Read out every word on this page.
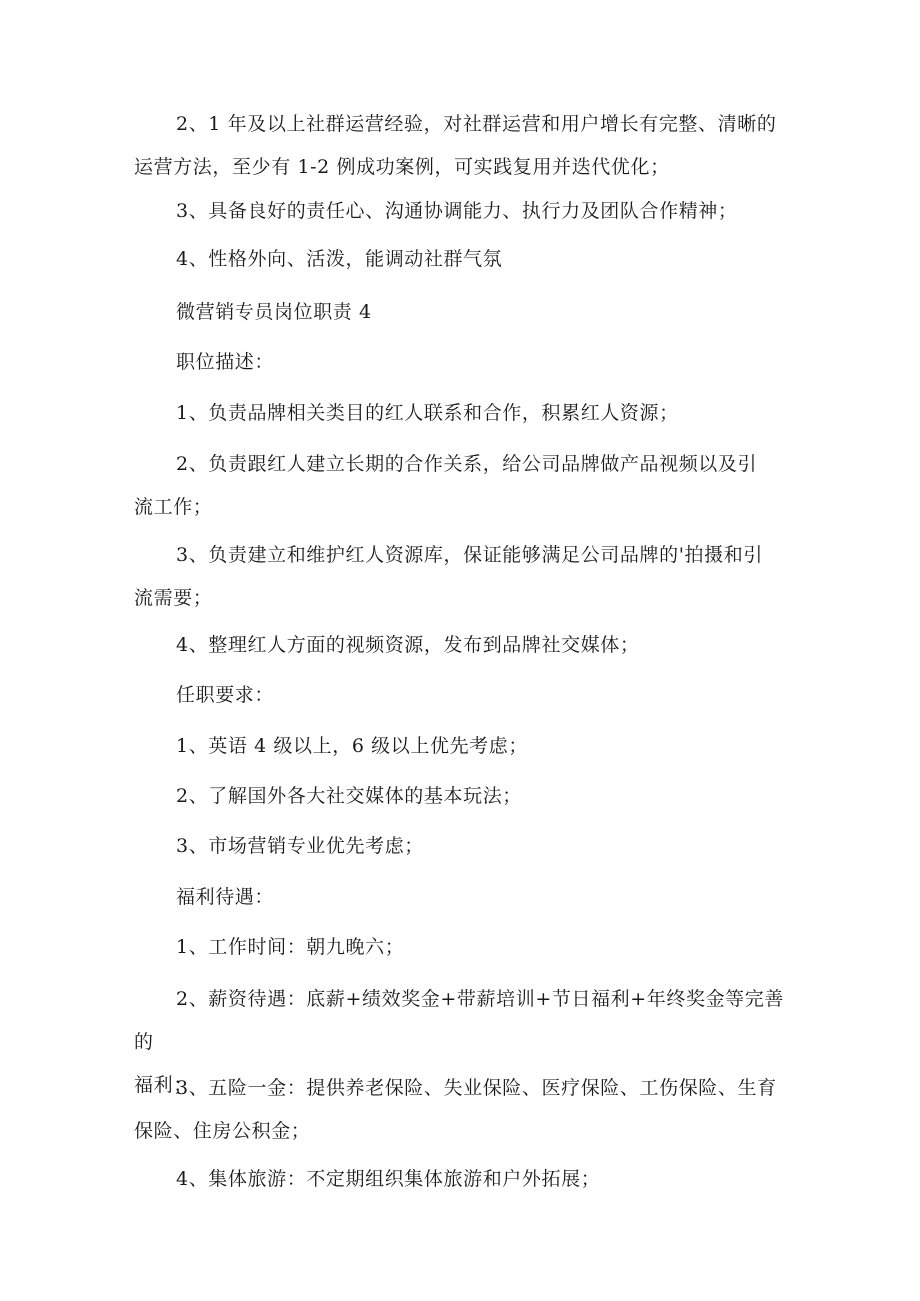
2、1 年及以上社群运营经验，对社群运营和用户增长有完整、清晰的
运营方法，至少有 1-2 例成功案例，可实践复用并迭代优化；

3、具备良好的责任心、沟通协调能力、执行力及团队合作精神；

4、性格外向、活泼，能调动社群气氛

微营销专员岗位职责 4

职位描述：

1、负责品牌相关类目的红人联系和合作，积累红人资源；

2、负责跟红人建立长期的合作关系，给公司品牌做产品视频以及引
流工作；

3、负责建立和维护红人资源库，保证能够满足公司品牌的'拍摄和引
流需要；

4、整理红人方面的视频资源，发布到品牌社交媒体；

任职要求：

1、英语 4 级以上，6 级以上优先考虑；

2、了解国外各大社交媒体的基本玩法；

3、市场营销专业优先考虑；

福利待遇：

1、工作时间：朝九晚六；

2、薪资待遇：底薪+绩效奖金+带薪培训+节日福利+年终奖金等完善的
福利；

3、五险一金：提供养老保险、失业保险、医疗保险、工伤保险、生育
保险、住房公积金；

4、集体旅游：不定期组织集体旅游和户外拓展；
